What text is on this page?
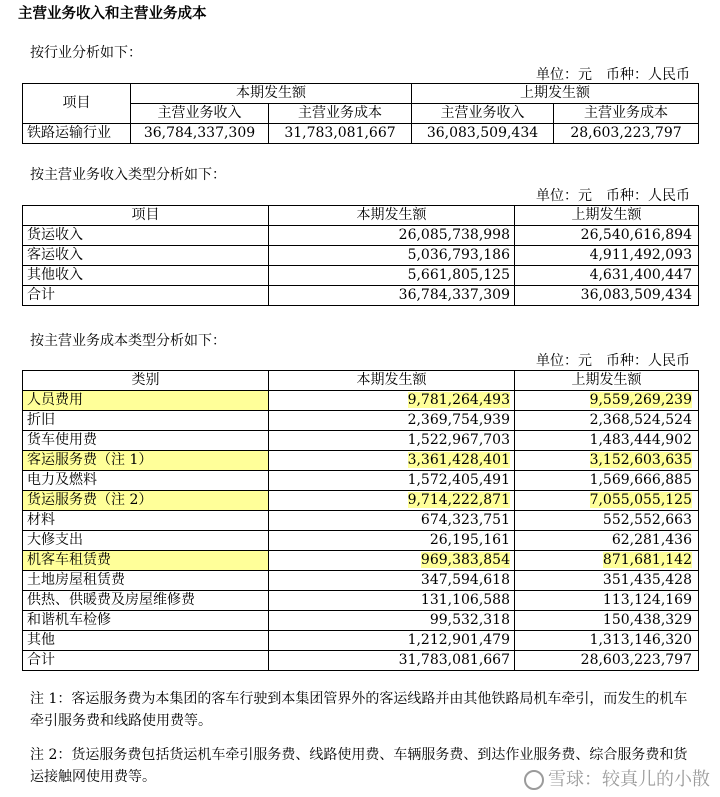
主营业务收入和主营业务成本
按行业分析如下：
单位：元　币种：人民币
项目	本期发生额		上期发生额	
	主营业务收入	主营业务成本	主营业务收入	主营业务成本
铁路运输行业	36,784,337,309	31,783,081,667	36,083,509,434	28,603,223,797
按主营业务收入类型分析如下：
单位：元　币种：人民币
项目	本期发生额	上期发生额
货运收入	26,085,738,998	26,540,616,894
客运收入	5,036,793,186	4,911,492,093
其他收入	5,661,805,125	4,631,400,447
合计	36,784,337,309	36,083,509,434
按主营业务成本类型分析如下：
单位：元　币种：人民币
类别	本期发生额	上期发生额
人员费用	9,781,264,493	9,559,269,239
折旧	2,369,754,939	2,368,524,524
货车使用费	1,522,967,703	1,483,444,902
客运服务费（注 1）	3,361,428,401	3,152,603,635
电力及燃料	1,572,405,491	1,569,666,885
货运服务费（注 2）	9,714,222,871	7,055,055,125
材料	674,323,751	552,552,663
大修支出	26,195,161	62,281,436
机客车租赁费	969,383,854	871,681,142
土地房屋租赁费	347,594,618	351,435,428
供热、供暖费及房屋维修费	131,106,588	113,124,169
和谐机车检修	99,532,318	150,438,329
其他	1,212,901,479	1,313,146,320
合计	31,783,081,667	28,603,223,797
注 1：客运服务费为本集团的客车行驶到本集团管界外的客运线路并由其他铁路局机车牵引，而发生的机车牵引服务费和线路使用费等。
注 2：货运服务费包括货运机车牵引服务费、线路使用费、车辆服务费、到达作业服务费、综合服务费和货运接触网使用费等。	雪球：较真儿的小散
